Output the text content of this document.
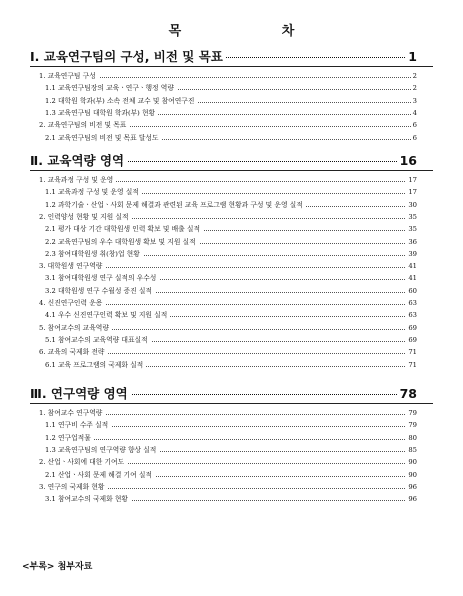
목 차
Ⅰ. 교육연구팀의 구성, 비전 및 목표	1
1. 교육연구팀 구성	2
1.1 교육연구팀장의 교육ㆍ연구ㆍ행정 역량	2
1.2 대학원 학과(부) 소속 전체 교수 및 참여연구진	3
1.3 교육연구팀 대학원 학과(부) 현황	4
2. 교육연구팀의 비전 및 목표	6
2.1 교육연구팀의 비전 및 목표 달성도	6
Ⅱ. 교육역량 영역	16
1. 교육과정 구성 및 운영	17
1.1 교육과정 구성 및 운영 실적	17
1.2 과학기술ㆍ산업ㆍ사회 문제 해결과 관련된 교육 프로그램 현황과 구성 및 운영 실적	30
2. 인력양성 현황 및 지원 실적	35
2.1 평가 대상 기간 대학원생 인력 확보 및 배출 실적	35
2.2 교육연구팀의 우수 대학원생 확보 및 지원 실적	36
2.3 참여대학원생 취(창)업 현황	39
3. 대학원생 연구역량	41
3.1 참여대학원생 연구 실적의 우수성	41
3.2 대학원생 연구 수월성 증진 실적	60
4. 신진연구인력 운용	63
4.1 우수 신진연구인력 확보 및 지원 실적	63
5. 참여교수의 교육역량	69
5.1 참여교수의 교육역량 대표실적	69
6. 교육의 국제화 전략	71
6.1 교육 프로그램의 국제화 실적	71
Ⅲ. 연구역량 영역	78
1. 참여교수 연구역량	79
1.1 연구비 수주 실적	79
1.2 연구업적물	80
1.3 교육연구팀의 연구역량 향상 실적	85
2. 산업ㆍ사회에 대한 기여도	90
2.1 산업ㆍ사회 문제 해결 기여 실적	90
3. 연구의 국제화 현황	96
3.1 참여교수의 국제화 현황	96
<부록> 첨부자료
